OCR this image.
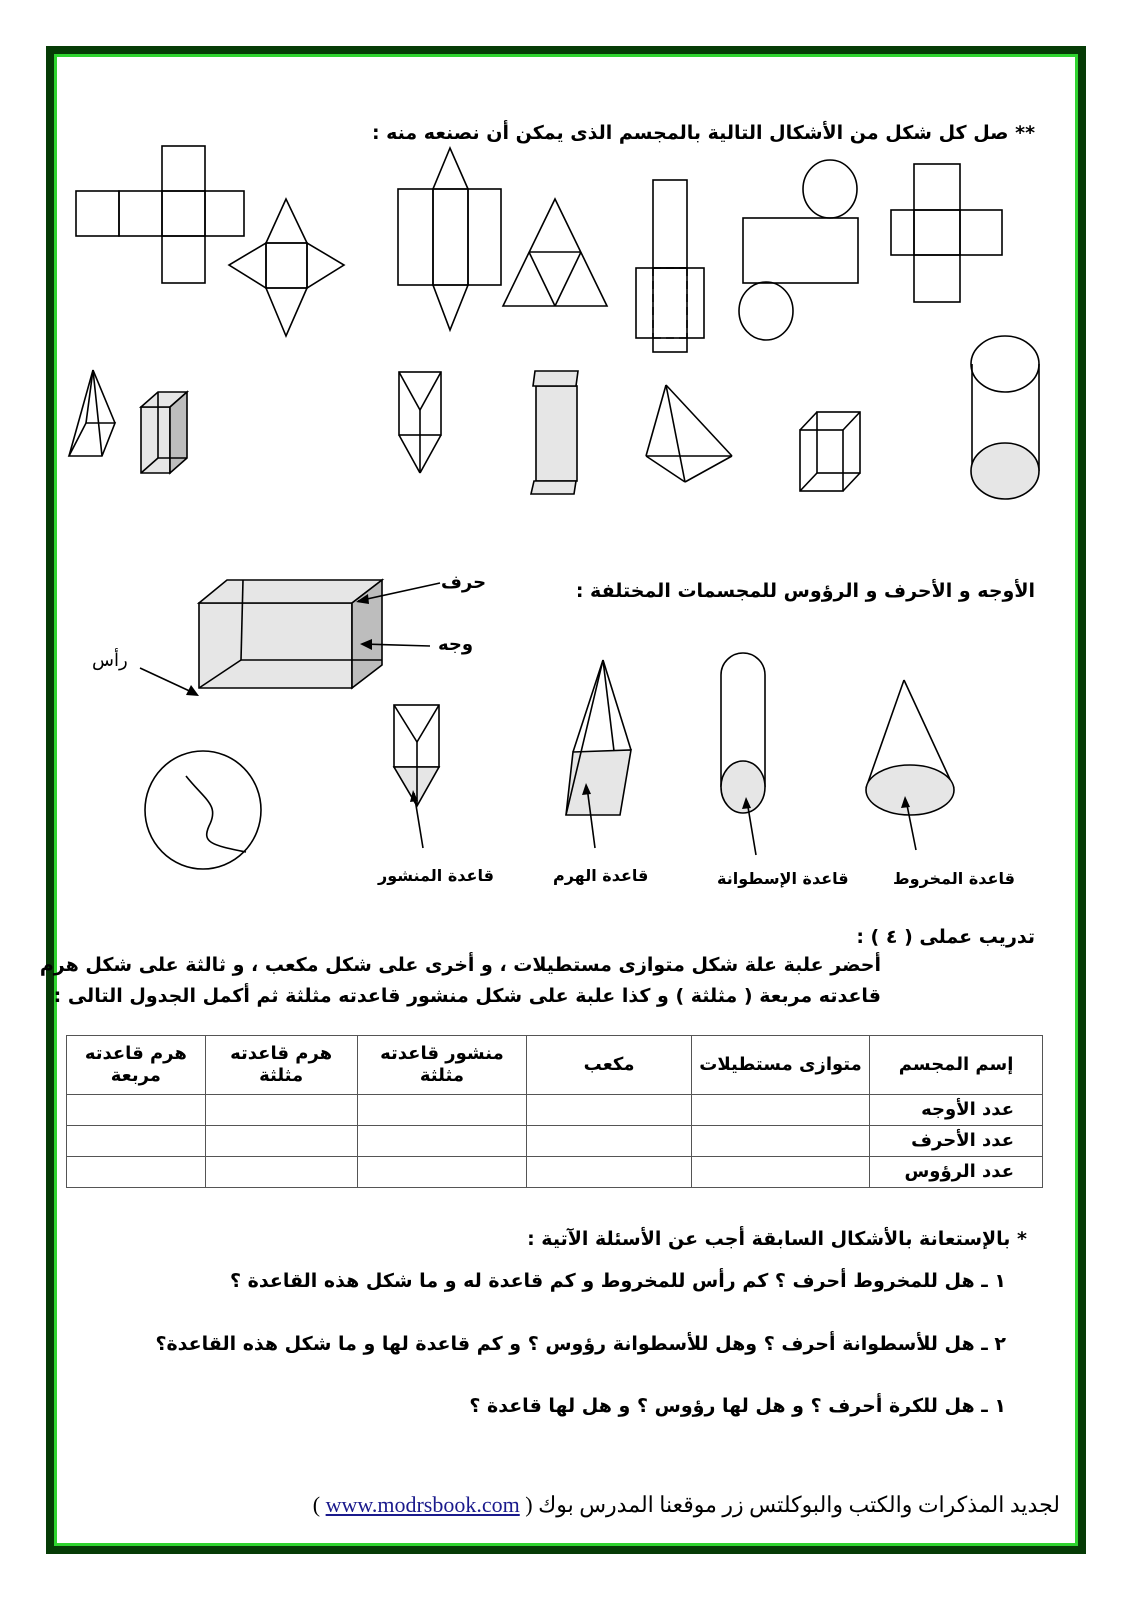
** صل كل شكل من الأشكال التالية بالمجسم الذى يمكن أن نصنعه منه :
الأوجه و الأحرف و الرؤوس للمجسمات المختلفة :
حرف
وجه
رأس
قاعدة المنشور	قاعدة الهرم	قاعدة الإسطوانة	قاعدة المخروط
تدريب عملى ( ٤ ) :
أحضر علبة علة شكل متوازى مستطيلات ، و أخرى على شكل مكعب ، و ثالثة على شكل هرم
قاعدته مربعة ( مثلثة ) و كذا علبة على شكل منشور قاعدته مثلثة ثم أكمل الجدول التالى :
إسم المجسم	متوازى مستطيلات	مكعب	منشور قاعدته مثلثة	هرم قاعدته مثلثة	هرم قاعدته مربعة
عدد الأوجه					
عدد الأحرف					
عدد الرؤوس					
* بالإستعانة بالأشكال السابقة أجب عن الأسئلة الآتية :
١ ـ هل للمخروط أحرف ؟ كم رأس للمخروط و كم قاعدة له و ما شكل هذه القاعدة ؟
٢ ـ هل للأسطوانة أحرف ؟ وهل للأسطوانة رؤوس ؟ و كم قاعدة لها و ما شكل هذه القاعدة؟
١ ـ هل للكرة أحرف ؟ و هل لها رؤوس ؟ و هل لها قاعدة ؟
لجديد المذكرات والكتب والبوكلتس زر موقعنا المدرس بوك ( www.modrsbook.com )
